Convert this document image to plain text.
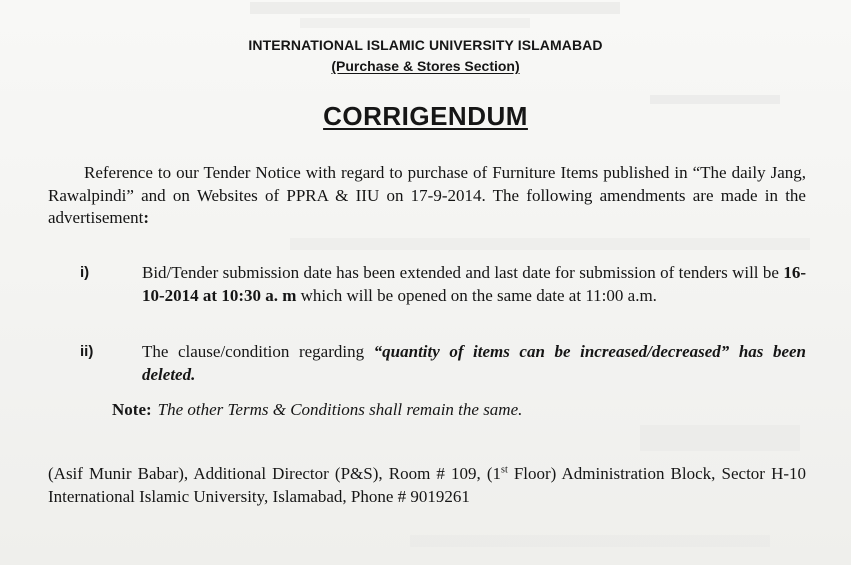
INTERNATIONAL ISLAMIC UNIVERSITY ISLAMABAD
(Purchase & Stores Section)
CORRIGENDUM
Reference to our Tender Notice with regard to purchase of Furniture Items published in “The daily Jang, Rawalpindi” and on Websites of PPRA & IIU on 17-9-2014. The following amendments are made in the advertisement:
i)	Bid/Tender submission date has been extended and last date for submission of tenders will be 16-10-2014 at 10:30 a. m which will be opened on the same date at 11:00 a.m.
ii)	The clause/condition regarding “quantity of items can be increased/decreased” has been deleted.
Note: The other Terms & Conditions shall remain the same.
(Asif Munir Babar), Additional Director (P&S), Room # 109, (1st Floor) Administration Block, Sector H-10 International Islamic University, Islamabad, Phone # 9019261
